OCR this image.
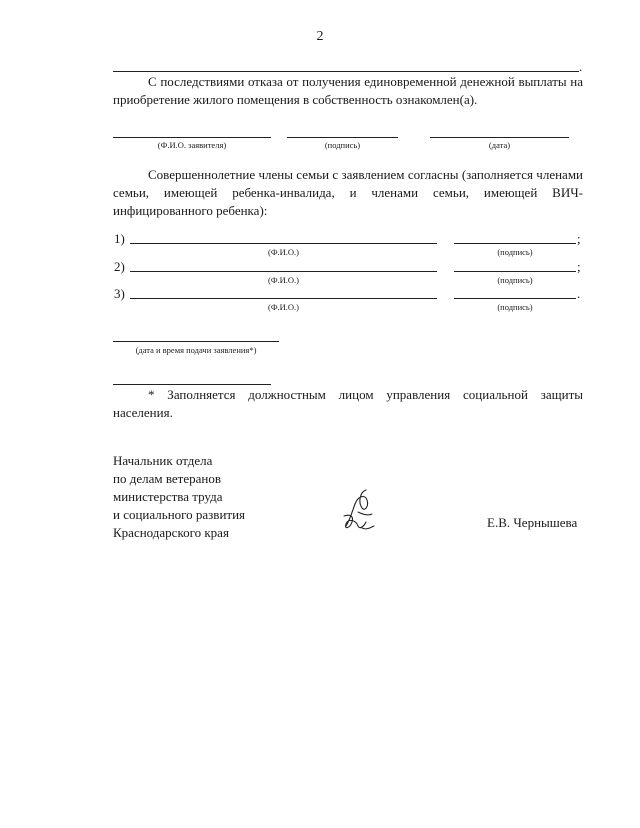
2
.
С последствиями отказа от получения единовременной денежной выплаты на приобретение жилого помещения в собственность ознакомлен(а).
(Ф.И.О. заявителя)	(подпись)	(дата)
Совершеннолетние члены семьи с заявлением согласны (заполняется членами семьи, имеющей ребенка-инвалида, и членами семьи, имеющей ВИЧ-инфицированного ребенка):
1)	;
(Ф.И.О.)	(подпись)
2)	;
(Ф.И.О.)	(подпись)
3)	.
(Ф.И.О.)	(подпись)
(дата и время подачи заявления*)
* Заполняется должностным лицом управления социальной защиты населения.
Начальник отдела
по делам ветеранов
министерства труда
и социального развития
Краснодарского края
Е.В. Чернышева
